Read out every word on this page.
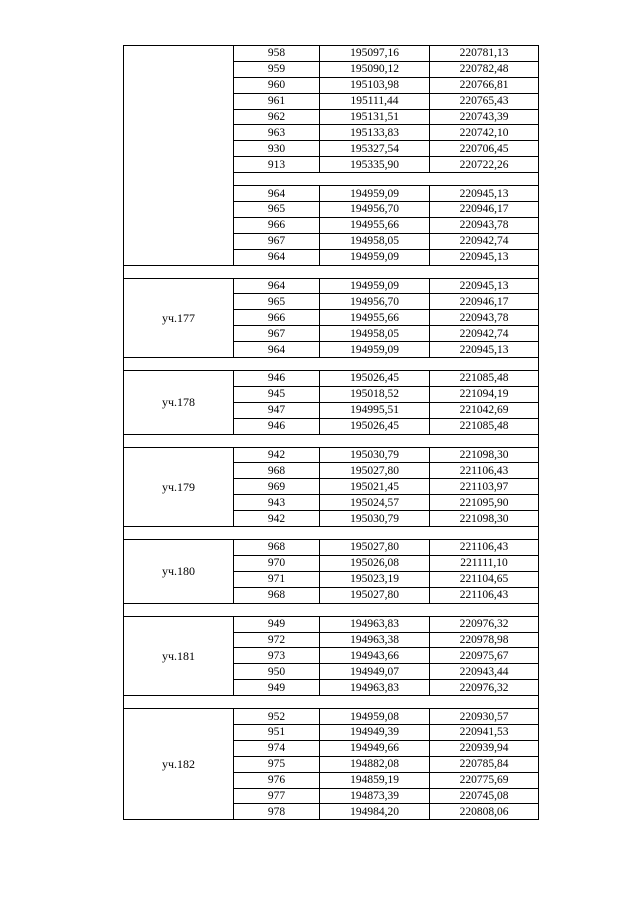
	958	195097,16	220781,13
	959	195090,12	220782,48
	960	195103,98	220766,81
	961	195111,44	220765,43
	962	195131,51	220743,39
	963	195133,83	220742,10
	930	195327,54	220706,45
	913	195335,90	220722,26

	964	194959,09	220945,13
	965	194956,70	220946,17
	966	194955,66	220943,78
	967	194958,05	220942,74
	964	194959,09	220945,13

уч.177	964	194959,09	220945,13
	965	194956,70	220946,17
	966	194955,66	220943,78
	967	194958,05	220942,74
	964	194959,09	220945,13

уч.178	946	195026,45	221085,48
	945	195018,52	221094,19
	947	194995,51	221042,69
	946	195026,45	221085,48

уч.179	942	195030,79	221098,30
	968	195027,80	221106,43
	969	195021,45	221103,97
	943	195024,57	221095,90
	942	195030,79	221098,30

уч.180	968	195027,80	221106,43
	970	195026,08	221111,10
	971	195023,19	221104,65
	968	195027,80	221106,43

уч.181	949	194963,83	220976,32
	972	194963,38	220978,98
	973	194943,66	220975,67
	950	194949,07	220943,44
	949	194963,83	220976,32

уч.182	952	194959,08	220930,57
	951	194949,39	220941,53
	974	194949,66	220939,94
	975	194882,08	220785,84
	976	194859,19	220775,69
	977	194873,39	220745,08
	978	194984,20	220808,06
